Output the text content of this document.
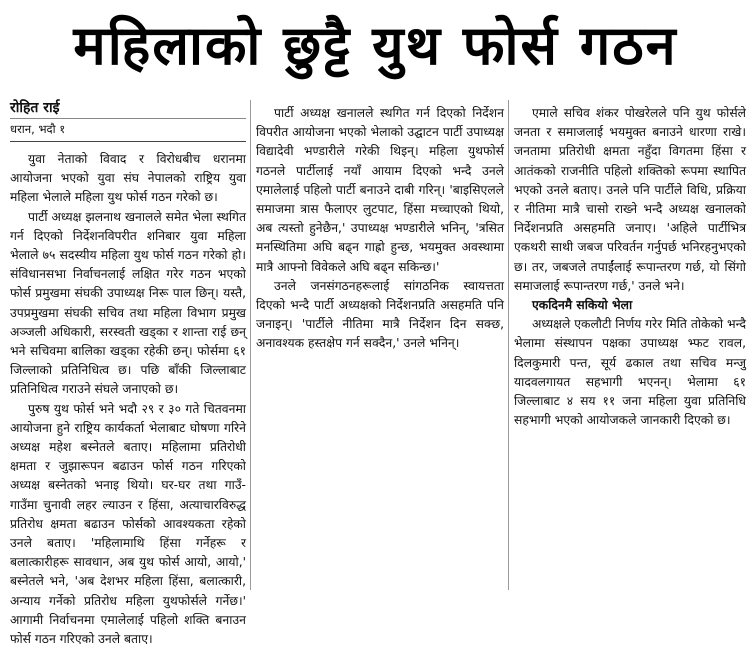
महिलाको छुट्टै युथ फोर्स गठन
रोहित राई
धरान, भदौ १

युवा नेताको विवाद र विरोधबीच धरानमा आयोजना भएको युवा संघ नेपालको राष्ट्रिय युवा महिला भेलाले महिला युथ फोर्स गठन गरेको छ।

पार्टी अध्यक्ष झलनाथ खनालले समेत भेला स्थगित गर्न दिएको निर्देशनविपरीत शनिबार युवा महिला भेलाले ७५ सदस्यीय महिला युथ फोर्स गठन गरेको हो। संविधानसभा निर्वाचनलाई लक्षित गरेर गठन भएको फोर्स प्रमुखमा संघकी उपाध्यक्ष निरू पाल छिन्। यस्तै, उपप्रमुखमा संघकी सचिव तथा महिला विभाग प्रमुख अञ्जली अधिकारी, सरस्वती खड्का र शान्ता राई छन् भने सचिवमा बालिका खड्का रहेकी छन्। फोर्समा ६१ जिल्लाको प्रतिनिधित्व छ। पछि बाँकी जिल्लाबाट प्रतिनिधित्व गराउने संघले जनाएको छ।

पुरुष युथ फोर्स भने भदौ २९ र ३० गते चितवनमा आयोजना हुने राष्ट्रिय कार्यकर्ता भेलाबाट घोषणा गरिने अध्यक्ष महेश बस्नेतले बताए। महिलामा प्रतिरोधी क्षमता र जुझारूपन बढाउन फोर्स गठन गरिएको अध्यक्ष बस्नेतको भनाइ थियो। घर-घर तथा गाउँ-गाउँमा चुनावी लहर ल्याउन र हिंसा, अत्याचारविरुद्ध प्रतिरोध क्षमता बढाउन फोर्सको आवश्यकता रहेको उनले बताए। 'महिलामाथि हिंसा गर्नेहरू र बलात्कारीहरू सावधान, अब युथ फोर्स आयो, आयो,' बस्नेतले भने, 'अब देशभर महिला हिंसा, बलात्कारी, अन्याय गर्नेको प्रतिरोध महिला युथफोर्सले गर्नेछ।' आगामी निर्वाचनमा एमालेलाई पहिलो शक्ति बनाउन फोर्स गठन गरिएको उनले बताए।

पार्टी अध्यक्ष खनालले स्थगित गर्न दिएको निर्देशन विपरीत आयोजना भएको भेलाको उद्घाटन पार्टी उपाध्यक्ष विद्यादेवी भण्डारीले गरेकी थिइन्। महिला युथफोर्स गठनले पार्टीलाई नयाँ आयाम दिएको भन्दै उनले एमालेलाई पहिलो पार्टी बनाउने दाबी गरिन्। 'बाइसिएलले समाजमा त्रास फैलाएर लुटपाट, हिंसा मच्चाएको थियो, अब त्यस्तो हुनेछैन,' उपाध्यक्ष भण्डारीले भनिन्, 'त्रसित मनस्थितिमा अघि बढ्न गाह्रो हुन्छ, भयमुक्त अवस्थामा मात्रै आफ्नो विवेकले अघि बढ्न सकिन्छ।'

उनले जनसंगठनहरूलाई सांगठनिक स्वायत्तता दिएको भन्दै पार्टी अध्यक्षको निर्देशनप्रति असहमति पनि जनाइन्। 'पार्टीले नीतिमा मात्रै निर्देशन दिन सक्छ, अनावश्यक हस्तक्षेप गर्न सक्दैन,' उनले भनिन्।

एमाले सचिव शंकर पोखरेलले पनि युथ फोर्सले जनता र समाजलाई भयमुक्त बनाउने धारणा राखे। जनतामा प्रतिरोधी क्षमता नहुँदा विगतमा हिंसा र आतंकको राजनीति पहिलो शक्तिको रूपमा स्थापित भएको उनले बताए। उनले पनि पार्टीले विधि, प्रक्रिया र नीतिमा मात्रै चासो राख्ने भन्दै अध्यक्ष खनालको निर्देशनप्रति असहमति जनाए। 'अहिले पार्टीभित्र एकथरी साथी जबज परिवर्तन गर्नुपर्छ भनिरहनुभएको छ। तर, जबजले तपाईंलाई रूपान्तरण गर्छ, यो सिंगो समाजलाई रूपान्तरण गर्छ,' उनले भने।

एकदिनमै सकियो भेला

अध्यक्षले एकलौटी निर्णय गरेर मिति तोकेको भन्दै भेलामा संस्थापन पक्षका उपाध्यक्ष भ्फट रावल, दिलकुमारी पन्त, सूर्य ढकाल तथा सचिव मन्जु यादवलगायत सहभागी भएनन्। भेलामा ६१ जिल्लाबाट ४ सय ११ जना महिला युवा प्रतिनिधि सहभागी भएको आयोजकले जानकारी दिएको छ।
